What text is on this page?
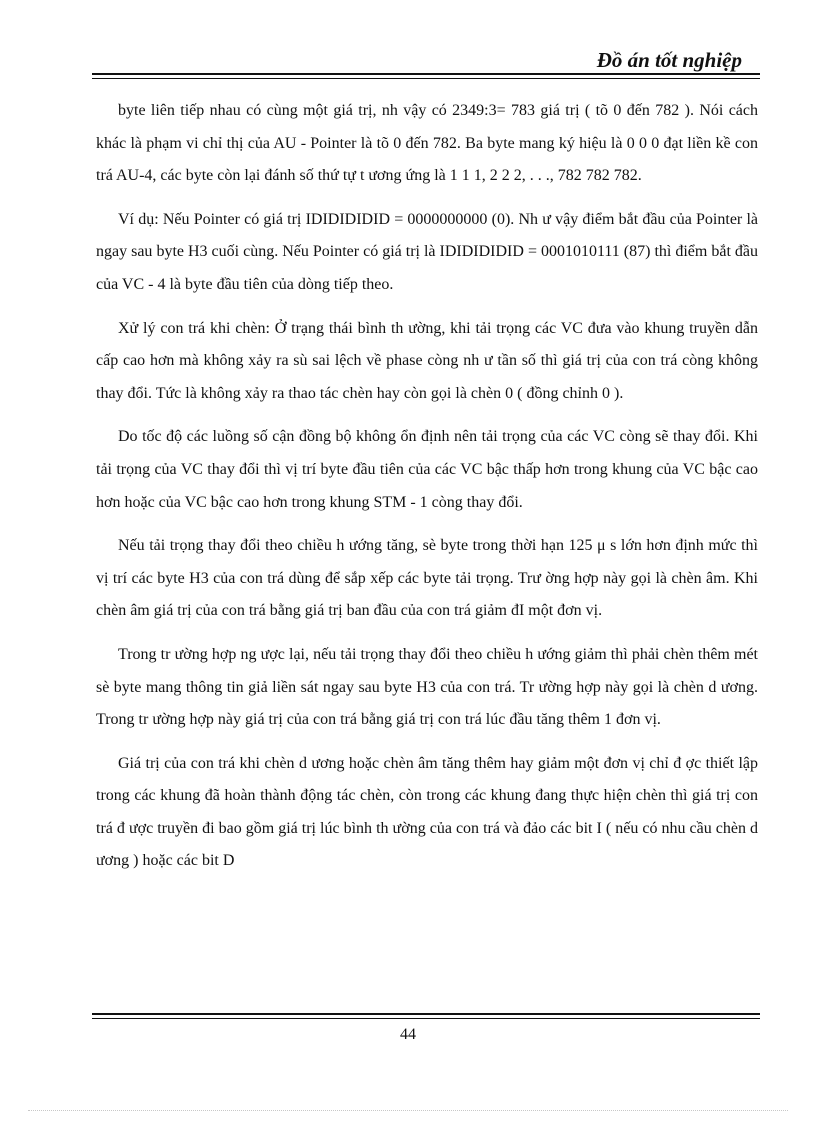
Đồ án tốt nghiệp

byte liên tiếp nhau có cùng một giá trị, nh vậy có 2349:3= 783 giá trị ( tõ 0 đến 782 ). Nói cách khác là phạm vi chỉ thị của AU - Pointer là tõ 0 đến 782. Ba byte mang ký hiệu là 0 0 0 đạt liền kề con trá AU-4, các byte còn lại đánh số thứ tự t ương ứng là 1 1 1, 2 2 2, . . ., 782 782 782.

Ví dụ: Nếu Pointer có giá trị IDIDIDIDID = 0000000000 (0). Nh ư vậy điểm bắt đầu của Pointer là ngay sau byte H3 cuối cùng. Nếu Pointer có giá trị là IDIDIDIDID = 0001010111 (87) thì điểm bắt đầu của VC - 4 là byte đầu tiên của dòng tiếp theo.

Xử lý con trá khi chèn: Ở trạng thái bình th ường, khi tải trọng các VC đưa vào khung truyền dẫn cấp cao hơn mà không xảy ra sù sai lệch về phase còng nh ư tần số thì giá trị của con trá còng không thay đổi. Tức là không xảy ra thao tác chèn hay còn gọi là chèn 0 ( đồng chỉnh 0 ).

Do tốc độ các luồng số cận đồng bộ không ổn định nên tải trọng của các VC còng sẽ thay đổi. Khi tải trọng của VC thay đổi thì vị trí byte đầu tiên của các VC bậc thấp hơn trong khung của VC bậc cao hơn hoặc của VC bậc cao hơn trong khung STM - 1 còng thay đổi.

Nếu tải trọng thay đổi theo chiều h ướng tăng, sè byte trong thời hạn 125 μ s lớn hơn định mức thì vị trí các byte H3 của con trá dùng để sắp xếp các byte tải trọng. Trư ờng hợp này gọi là chèn âm. Khi chèn âm giá trị của con trá bằng giá trị ban đầu của con trá giảm đI một đơn vị.

Trong tr ường hợp ng ược lại, nếu tải trọng thay đổi theo chiều h ướng giảm thì phải chèn thêm mét sè byte mang thông tin giả liền sát ngay sau byte H3 của con trá. Tr ường hợp này gọi là chèn d ương. Trong tr ường hợp này giá trị của con trá bằng giá trị con trá lúc đầu tăng thêm 1 đơn vị.

Giá trị của con trá khi chèn d ương hoặc chèn âm tăng thêm hay giảm một đơn vị chỉ đ ợc thiết lập trong các khung đã hoàn thành động tác chèn, còn trong các khung đang thực hiện chèn thì giá trị con trá đ ược truyền đi bao gồm giá trị lúc bình th ường của con trá và đảo các bit I ( nếu có nhu cầu chèn d ương ) hoặc các bit D

44
